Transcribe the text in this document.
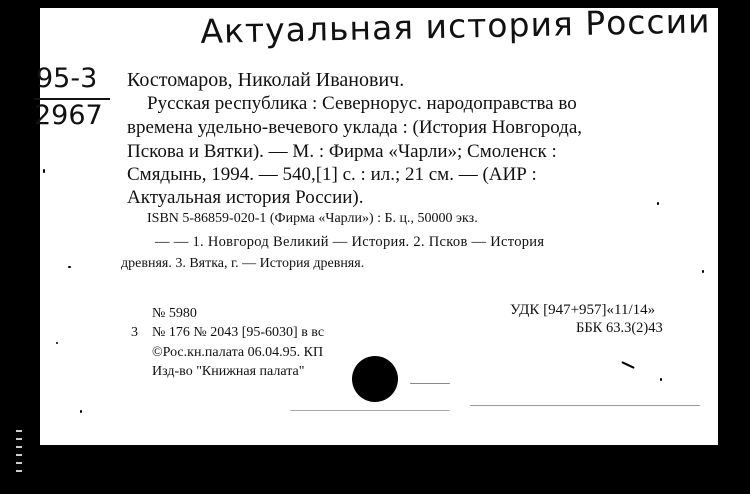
Актуальная история России
95-3
2967
Костомаров, Николай Иванович.
Русская республика : Севернорус. народоправства во
времена удельно-вечевого уклада : (История Новгорода,
Пскова и Вятки). — М. : Фирма «Чарли»; Смоленск :
Смядынь, 1994. — 540,[1] с. : ил.; 21 см. — (АИР :
Актуальная история России).
ISBN 5-86859-020-1 (Фирма «Чарли») : Б. ц., 50000 экз.
— — 1. Новгород Великий — История. 2. Псков — История
древняя. 3. Вятка, г. — История древняя.
№ 5980
3 № 176 № 2043 [95-6030] в вс
©Рос.кн.палата 06.04.95. КП
Изд-во "Книжная палата"
УДК [947+957]«11/14»
ББК 63.3(2)43
